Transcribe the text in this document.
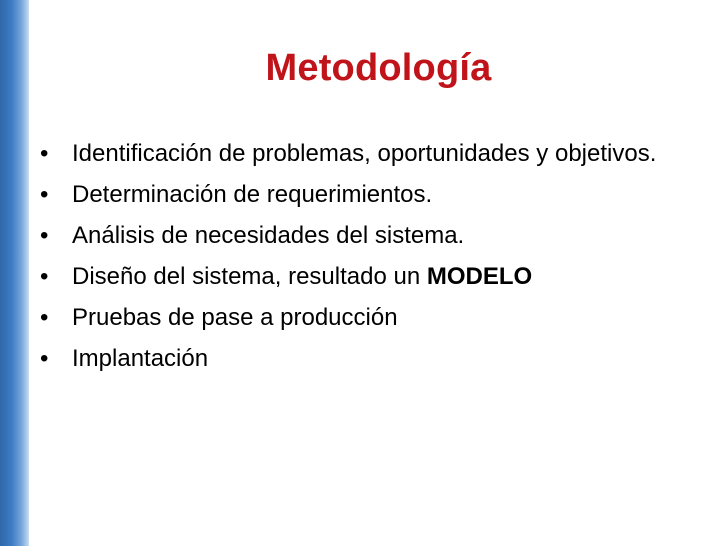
Metodología
• Identificación de problemas, oportunidades y objetivos.
• Determinación de requerimientos.
• Análisis de necesidades del sistema.
• Diseño del sistema, resultado un MODELO
• Pruebas de pase a producción
• Implantación
